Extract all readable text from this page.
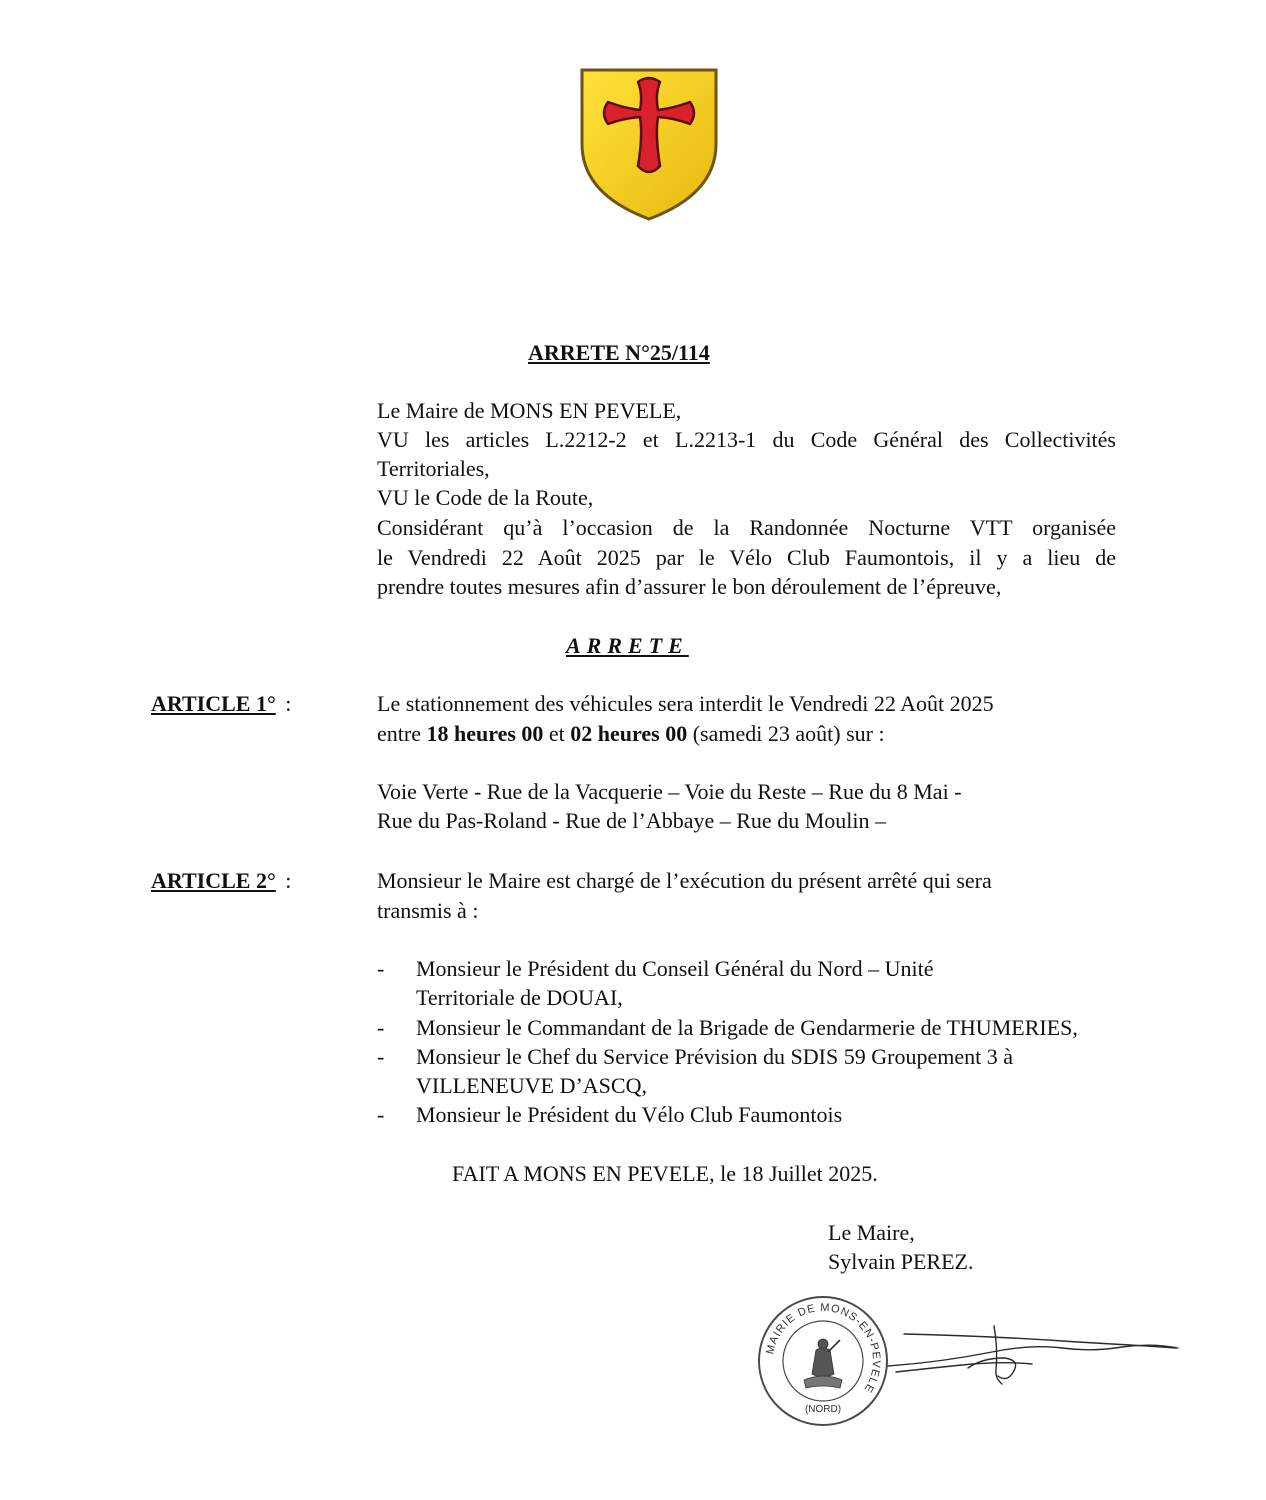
ARRETE N°25/114
Le Maire de MONS EN PEVELE,
VU les articles L.2212-2 et L.2213-1 du Code Général des Collectivités
Territoriales,
VU le Code de la Route,
Considérant qu’à l’occasion de la Randonnée Nocturne VTT organisée
le Vendredi 22 Août 2025 par le Vélo Club Faumontois, il y a lieu de
prendre toutes mesures afin d’assurer le bon déroulement de l’épreuve,
ARRETE
ARTICLE 1° :	Le stationnement des véhicules sera interdit le Vendredi 22 Août 2025
entre 18 heures 00 et 02 heures 00 (samedi 23 août) sur :
Voie Verte - Rue de la Vacquerie – Voie du Reste – Rue du 8 Mai -
Rue du Pas-Roland - Rue de l’Abbaye – Rue du Moulin –
ARTICLE 2° :	Monsieur le Maire est chargé de l’exécution du présent arrêté qui sera
transmis à :
- Monsieur le Président du Conseil Général du Nord – Unité
Territoriale de DOUAI,
- Monsieur le Commandant de la Brigade de Gendarmerie de THUMERIES,
- Monsieur le Chef du Service Prévision du SDIS 59 Groupement 3 à
VILLENEUVE D’ASCQ,
- Monsieur le Président du Vélo Club Faumontois
FAIT A MONS EN PEVELE, le 18 Juillet 2025.
Le Maire,
Sylvain PEREZ.
MAIRIE DE MONS-EN-PEVELE
(NORD)
